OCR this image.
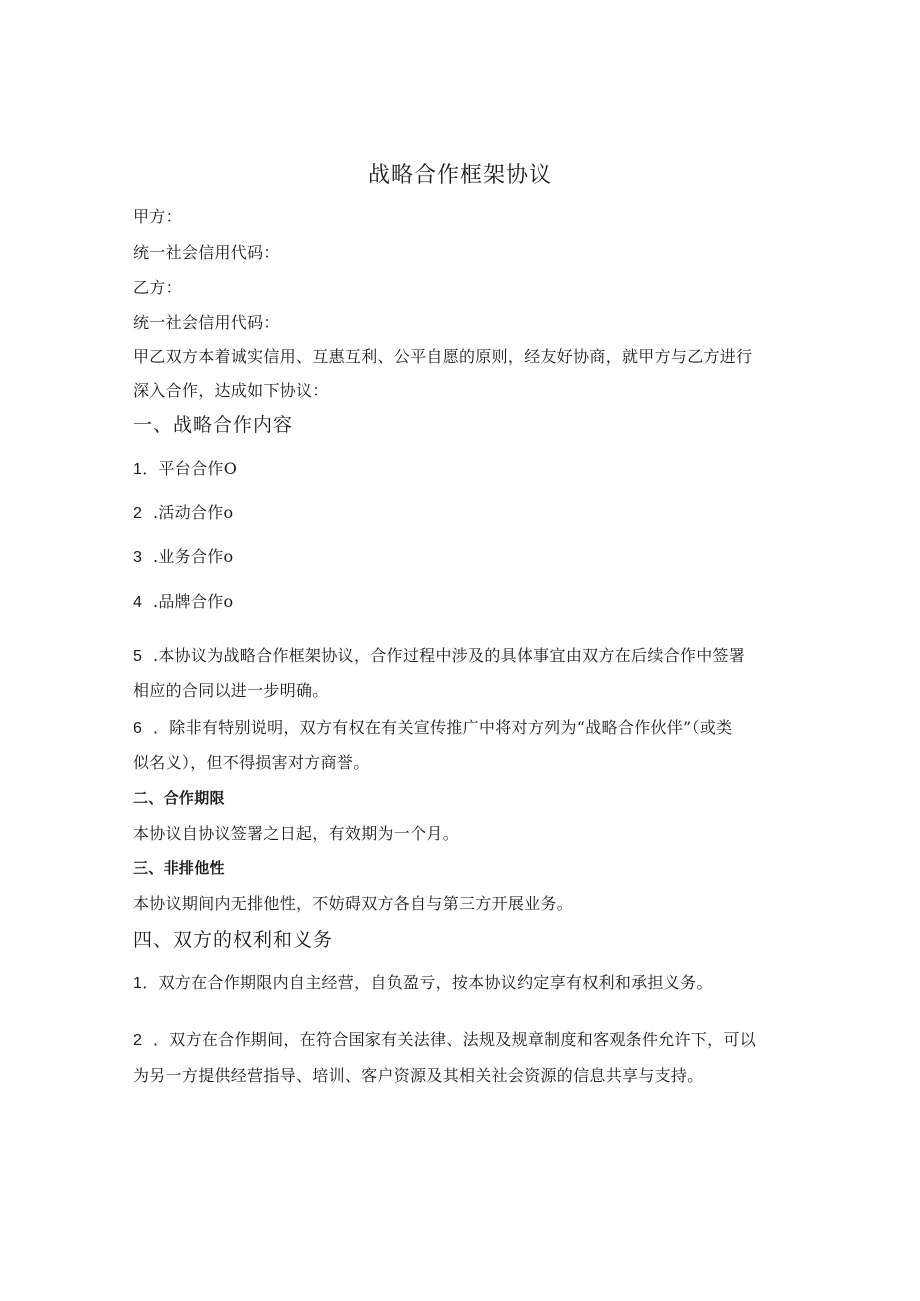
战略合作框架协议
甲方：
统一社会信用代码：
乙方：
统一社会信用代码：
甲乙双方本着诚实信用、互惠互利、公平自愿的原则，经友好协商，就甲方与乙方进行
深入合作，达成如下协议：
一、战略合作内容
1．平台合作O
2  .活动合作o
3  .业务合作o
4  .品牌合作o
5  .本协议为战略合作框架协议，合作过程中涉及的具体事宜由双方在后续合作中签署
相应的合同以进一步明确。
6  ．除非有特别说明，双方有权在有关宣传推广中将对方列为“战略合作伙伴”（或类
似名义），但不得损害对方商誉。
二、合作期限
本协议自协议签署之日起，有效期为一个月。
三、非排他性
本协议期间内无排他性，不妨碍双方各自与第三方开展业务。
四、双方的权利和义务
1．双方在合作期限内自主经营，自负盈亏，按本协议约定享有权利和承担义务。
2  ．双方在合作期间，在符合国家有关法律、法规及规章制度和客观条件允许下，可以
为另一方提供经营指导、培训、客户资源及其相关社会资源的信息共享与支持。
